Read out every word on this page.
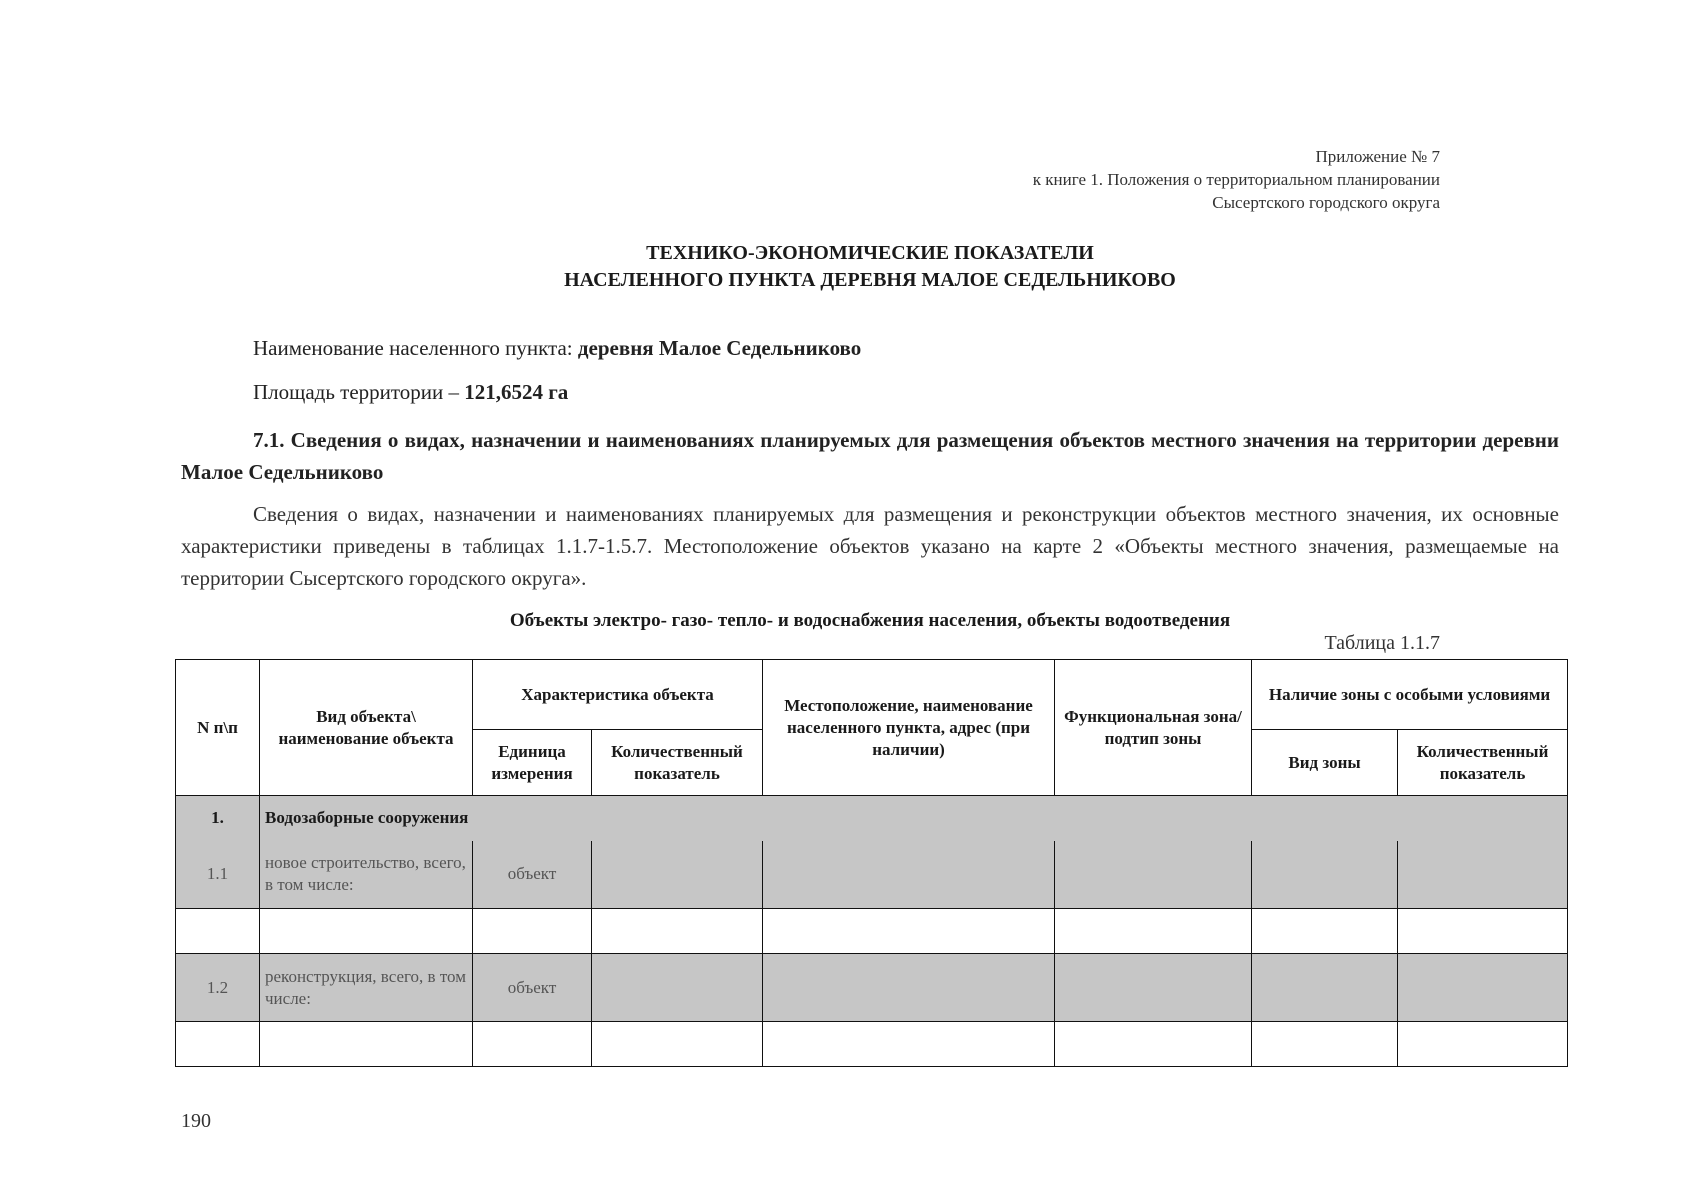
Приложение № 7
к книге 1. Положения о территориальном планировании
Сысертского городского округа
ТЕХНИКО-ЭКОНОМИЧЕСКИЕ ПОКАЗАТЕЛИ
НАСЕЛЕННОГО ПУНКТА ДЕРЕВНЯ МАЛОЕ СЕДЕЛЬНИКОВО
Наименование населенного пункта: деревня Малое Седельниково
Площадь территории – 121,6524 га
7.1. Сведения о видах, назначении и наименованиях планируемых для размещения объектов местного значения на территории деревни Малое Седельниково
Сведения о видах, назначении и наименованиях планируемых для размещения и реконструкции объектов местного значения, их основные характеристики приведены в таблицах 1.1.7-1.5.7. Местоположение объектов указано на карте 2 «Объекты местного значения, размещаемые на территории Сысертского городского округа».
Объекты электро- газо- тепло- и водоснабжения населения, объекты водоотведения
Таблица 1.1.7
N п\п	Вид объекта\ наименование объекта	Характеристика объекта		Местоположение, наименование населенного пункта, адрес (при наличии)	Функциональная зона/ подтип зоны	Наличие зоны с особыми условиями	
		Единица измерения	Количественный показатель			Вид зоны	Количественный показатель
1.	Водозаборные сооружения						
1.1	новое строительство, всего, в том числе:	объект					

1.2	реконструкция, всего, в том числе:	объект					

190
